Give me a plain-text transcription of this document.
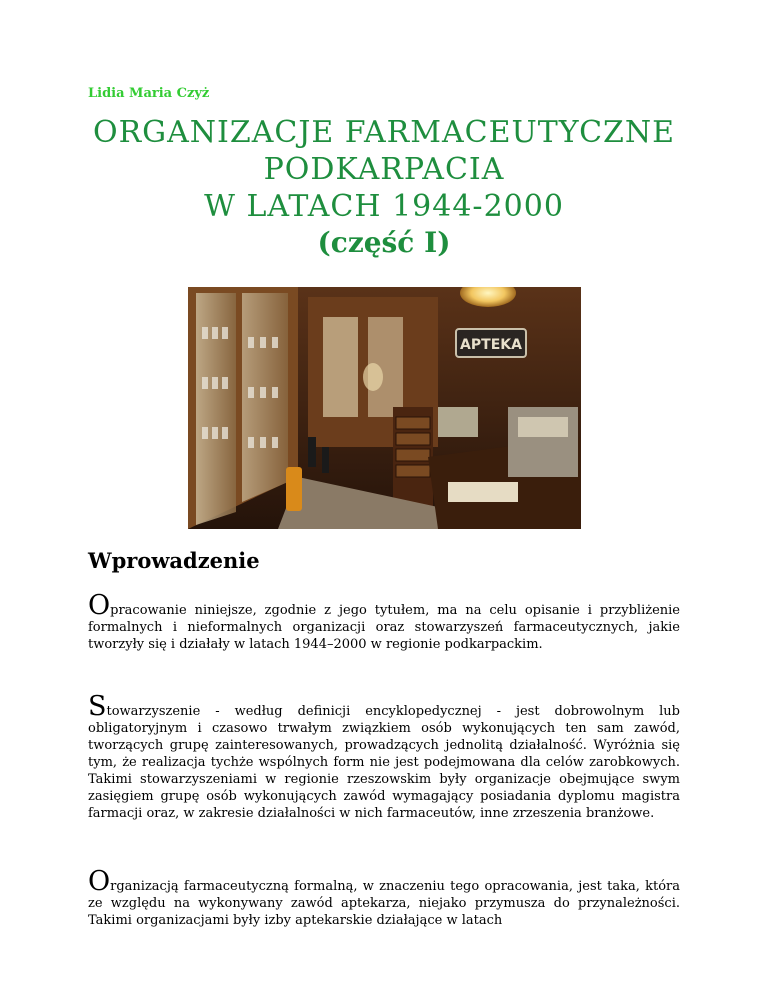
Lidia Maria Czyż
ORGANIZACJE FARMACEUTYCZNE
PODKARPACIA
W LATACH 1944-2000
(część I)
APTEKA
Wprowadzenie
Opracowanie niniejsze, zgodnie z jego tytułem, ma na celu opisanie i przybliżenie formalnych i nieformalnych organizacji oraz stowarzyszeń farmaceutycznych, jakie tworzyły się i działały w latach 1944–2000 w regionie podkarpackim.
Stowarzyszenie - według definicji encyklopedycznej - jest dobrowolnym lub obligatoryjnym i czasowo trwałym związkiem osób wykonujących ten sam zawód, tworzących grupę zainteresowanych, prowadzących jednolitą działalność. Wyróżnia się tym, że realizacja tychże wspólnych form nie jest podejmowana dla celów zarobkowych. Takimi stowarzyszeniami w regionie rzeszowskim były organizacje obejmujące swym zasięgiem grupę osób wykonujących zawód wymagający posiadania dyplomu magistra farmacji oraz, w zakresie działalności w nich farmaceutów, inne zrzeszenia branżowe.
Organizacją farmaceutyczną formalną, w znaczeniu tego opracowania, jest taka, która ze względu na wykonywany zawód aptekarza, niejako przymusza do przynależności. Takimi organizacjami były izby aptekarskie działające w latach
